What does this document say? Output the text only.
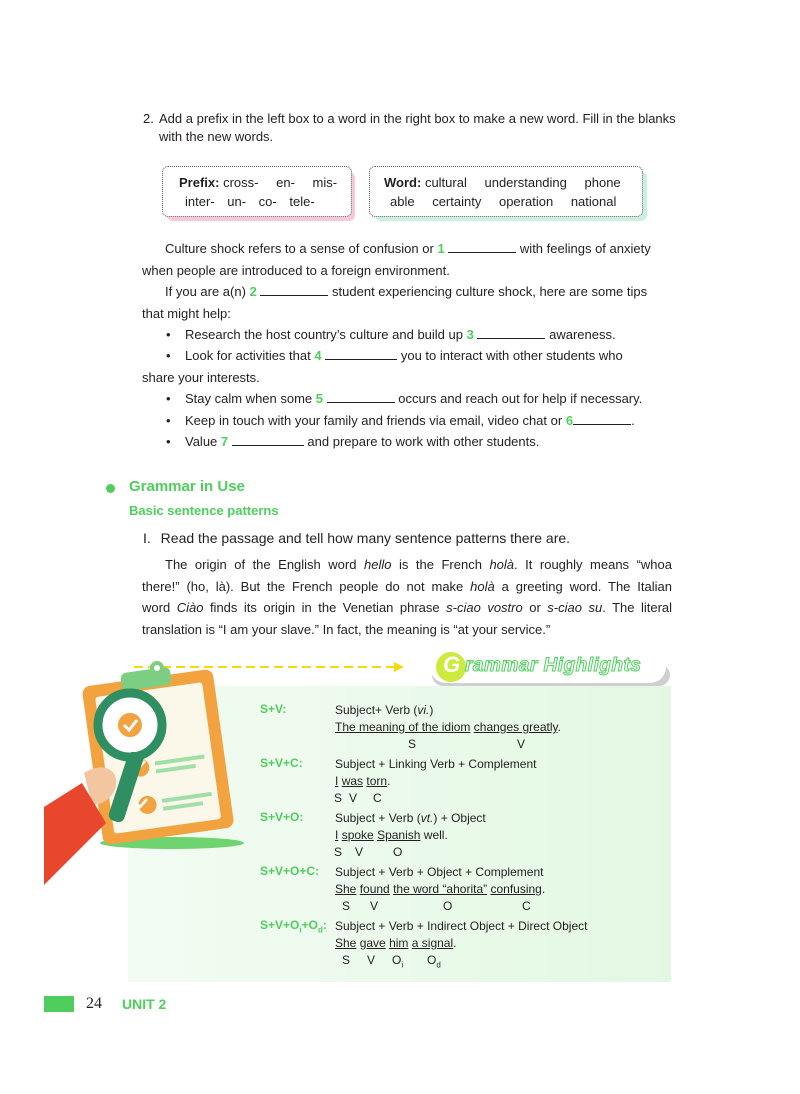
2. Add a prefix in the left box to a word in the right box to make a new word. Fill in the blanks with the new words.
Prefix: cross- en- mis-
inter- un- co- tele-
Word: cultural understanding phone
able certainty operation national
Culture shock refers to a sense of confusion or 1	with feelings of anxiety
when people are introduced to a foreign environment.
If you are a(n) 2	student experiencing culture shock, here are some tips
that might help:
• Research the host country’s culture and build up 3	awareness.
• Look for activities that 4	you to interact with other students who
share your interests.
• Stay calm when some 5	occurs and reach out for help if necessary.
• Keep in touch with your family and friends via email, video chat or 6	.
• Value 7	and prepare to work with other students.
Grammar in Use
Basic sentence patterns
I. Read the passage and tell how many sentence patterns there are.
The origin of the English word hello is the French holà. It roughly means “whoa
there!” (ho, là). But the French people do not make holà a greeting word. The Italian
word Ciào finds its origin in the Venetian phrase s-ciao vostro or s-ciao su. The literal
translation is “I am your slave.” In fact, the meaning is “at your service.”
G rammar Highlights
S+V:	Subject+ Verb (vi.)
The meaning of the idiom changes greatly.
S	V
S+V+C:	Subject + Linking Verb + Complement
I was torn.
S V C
S+V+O:	Subject + Verb (vt.) + Object
I spoke Spanish well.
S V O
S+V+O+C: Subject + Verb + Object + Complement
She found the word “ahorita” confusing.
S V	O	C
$S+V+O_i+O_d$: Subject + Verb + Indirect Object + Direct Object
She gave him a signal.
S V $O_i$ $O_d$
24 UNIT 2
